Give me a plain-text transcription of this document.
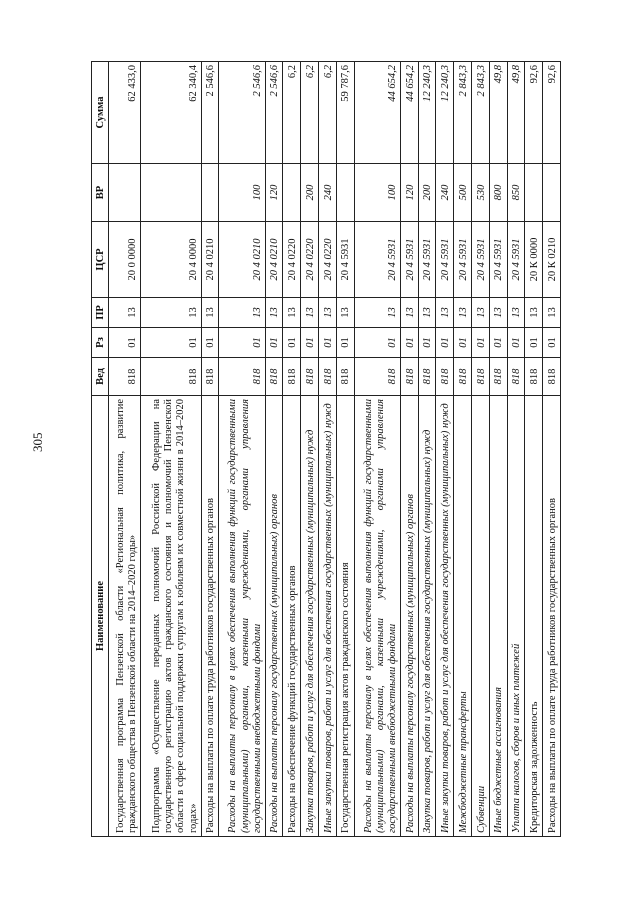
305
Наименование	Вед	Рз	ПР	ЦСР	ВР	Сумма
Государственная программа Пензенской области «Региональная политика, развитие гражданского общества в Пензенской области на 2014–2020 годы»	818	01	13	20 0 0000		62 433,0
Подпрограмма «Осуществление переданных полномочий Российской Федерации на государственную регистрацию актов гражданского состояния и полномочий Пензенской области в сфере социальной поддержки супругам к юбилеям их совместной жизни в 2014–2020 годах»	818	01	13	20 4 0000		62 340,4
Расходы на выплаты по оплате труда работников государственных органов	818	01	13	20 4 0210		2 546,6
Расходы на выплаты персоналу в целях обеспечения выполнения функций государственными (муниципальными) органами, казенными учреждениями, органами управления государственными внебюджетными фондами	818	01	13	20 4 0210	100	2 546,6
Расходы на выплаты персоналу государственных (муниципальных) органов	818	01	13	20 4 0210	120	2 546,6
Расходы на обеспечение функций государственных органов	818	01	13	20 4 0220		6,2
Закупка товаров, работ и услуг для обеспечения государственных (муниципальных) нужд	818	01	13	20 4 0220	200	6,2
Иные закупки товаров, работ и услуг для обеспечения государственных (муниципальных) нужд	818	01	13	20 4 0220	240	6,2
Государственная регистрация актов гражданского состояния	818	01	13	20 4 5931		59 787,6
Расходы на выплаты персоналу в целях обеспечения выполнения функций государственными (муниципальными) органами, казенными учреждениями, органами управления государственными внебюджетными фондами	818	01	13	20 4 5931	100	44 654,2
Расходы на выплаты персоналу государственных (муниципальных) органов	818	01	13	20 4 5931	120	44 654,2
Закупка товаров, работ и услуг для обеспечения государственных (муниципальных) нужд	818	01	13	20 4 5931	200	12 240,3
Иные закупки товаров, работ и услуг для обеспечения государственных (муниципальных) нужд	818	01	13	20 4 5931	240	12 240,3
Межбюджетные трансферты	818	01	13	20 4 5931	500	2 843,3
Субвенции	818	01	13	20 4 5931	530	2 843,3
Иные бюджетные ассигнования	818	01	13	20 4 5931	800	49,8
Уплата налогов, сборов и иных платежей	818	01	13	20 4 5931	850	49,8
Кредиторская задолженность	818	01	13	20 К 0000		92,6
Расходы на выплаты по оплате труда работников государственных органов	818	01	13	20 К 0210		92,6
